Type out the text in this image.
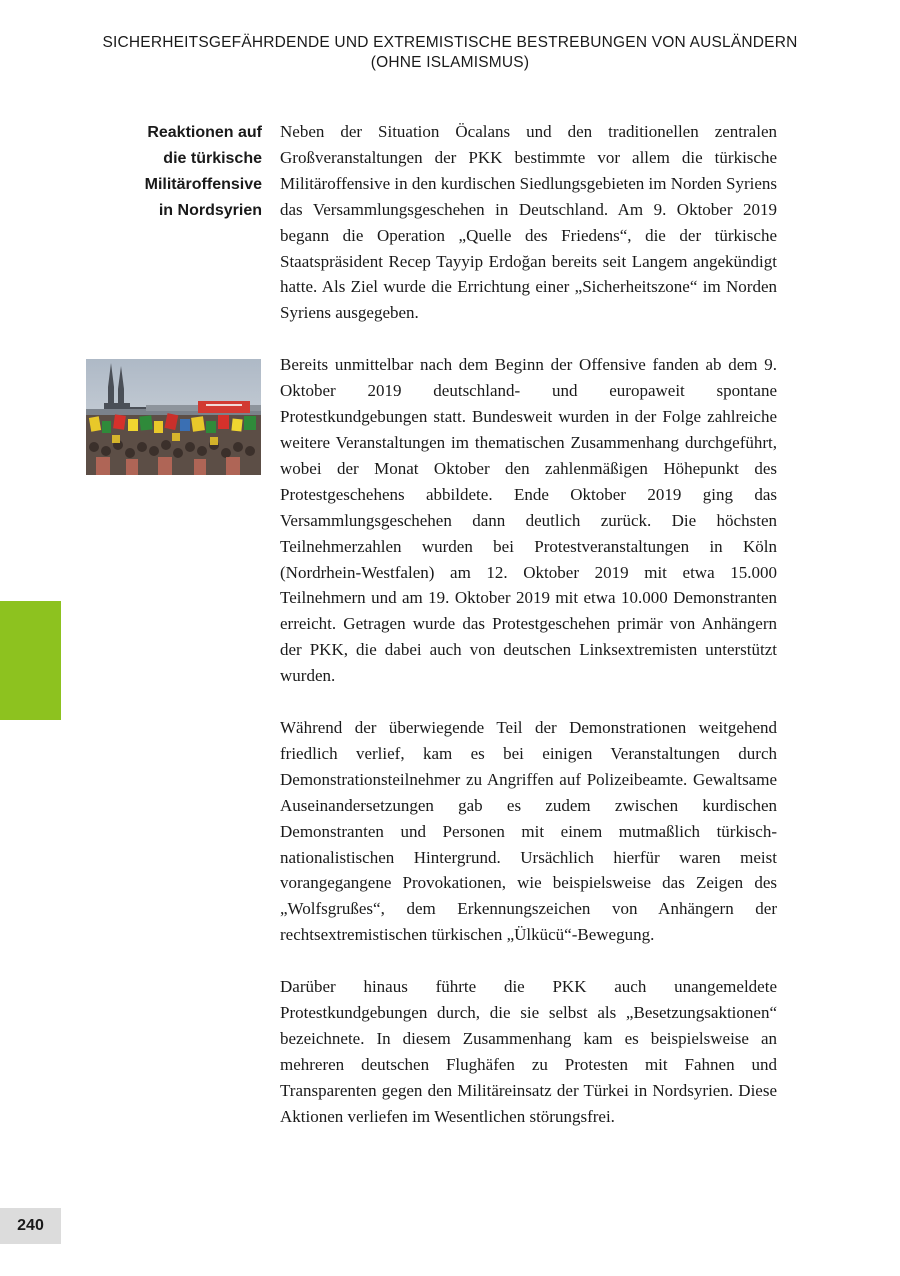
SICHERHEITSGEFÄHRDENDE UND EXTREMISTISCHE BESTREBUNGEN VON AUSLÄNDERN
(OHNE ISLAMISMUS)
Reaktionen auf
die türkische
Militäroffensive
in Nordsyrien

Neben der Situation Öcalans und den traditionellen zentralen Großveranstaltungen der PKK bestimmte vor allem die türkische Militäroffensive in den kurdischen Siedlungsgebieten im Norden Syriens das Versammlungsgeschehen in Deutschland. Am 9. Oktober 2019 begann die Operation „Quelle des Friedens“, die der türkische Staatspräsident Recep Tayyip Erdoğan bereits seit Langem angekündigt hatte. Als Ziel wurde die Errichtung einer „Sicherheitszone“ im Norden Syriens ausgegeben.

Bereits unmittelbar nach dem Beginn der Offensive fanden ab dem 9. Oktober 2019 deutschland- und europaweit spontane Protestkundgebungen statt. Bundesweit wurden in der Folge zahlreiche weitere Veranstaltungen im thematischen Zusammenhang durchgeführt, wobei der Monat Oktober den zahlenmäßigen Höhepunkt des Protestgeschehens abbildete. Ende Oktober 2019 ging das Versammlungsgeschehen dann deutlich zurück. Die höchsten Teilnehmerzahlen wurden bei Protestveranstaltungen in Köln (Nordrhein-Westfalen) am 12. Oktober 2019 mit etwa 15.000 Teilnehmern und am 19. Oktober 2019 mit etwa 10.000 Demonstranten erreicht. Getragen wurde das Protestgeschehen primär von Anhängern der PKK, die dabei auch von deutschen Linksextremisten unterstützt wurden.

Während der überwiegende Teil der Demonstrationen weitgehend friedlich verlief, kam es bei einigen Veranstaltungen durch Demonstrationsteilnehmer zu Angriffen auf Polizeibeamte. Gewaltsame Auseinandersetzungen gab es zudem zwischen kurdischen Demonstranten und Personen mit einem mutmaßlich türkisch-nationalistischen Hintergrund. Ursächlich hierfür waren meist vorangegangene Provokationen, wie beispielsweise das Zeigen des „Wolfsgrußes“, dem Erkennungszeichen von Anhängern der rechtsextremistischen türkischen „Ülkücü“-Bewegung.

Darüber hinaus führte die PKK auch unangemeldete Protestkundgebungen durch, die sie selbst als „Besetzungsaktionen“ bezeichnete. In diesem Zusammenhang kam es beispielsweise an mehreren deutschen Flughäfen zu Protesten mit Fahnen und Transparenten gegen den Militäreinsatz der Türkei in Nordsyrien. Diese Aktionen verliefen im Wesentlichen störungsfrei.

240
